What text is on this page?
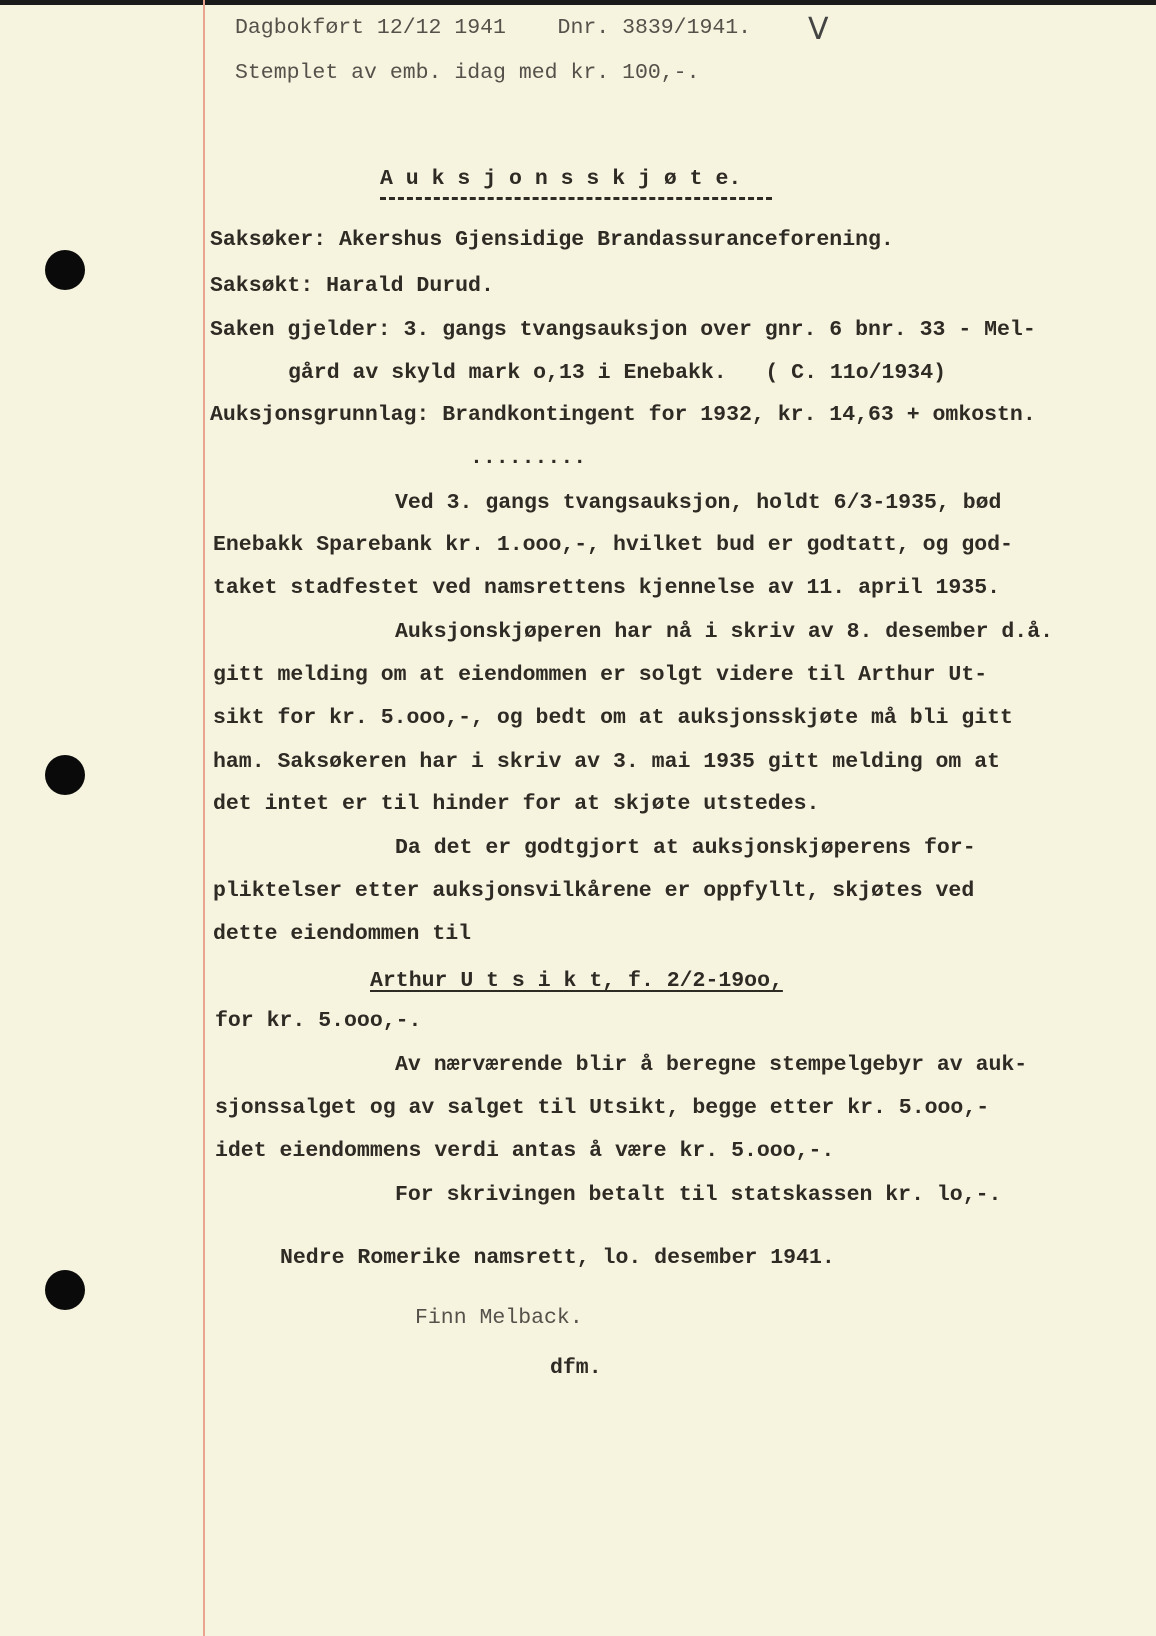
Dagbokført 12/12 1941    Dnr. 3839/1941. V
Stemplet av emb. idag med kr. 100,-.
A u k s j o n s s k j ø t e.
Saksøker: Akershus Gjensidige Brandassuranceforening.
Saksøkt: Harald Durud.
Saken gjelder: 3. gangs tvangsauksjon over gnr. 6 bnr. 33 - Mel-
gård av skyld mark o,13 i Enebakk.   ( C. 11o/1934)
Auksjonsgrunnlag: Brandkontingent for 1932, kr. 14,63 + omkostn.
.........
Ved 3. gangs tvangsauksjon, holdt 6/3-1935, bød
Enebakk Sparebank kr. 1.ooo,-, hvilket bud er godtatt, og god-
taket stadfestet ved namsrettens kjennelse av 11. april 1935.
Auksjonskjøperen har nå i skriv av 8. desember d.å.
gitt melding om at eiendommen er solgt videre til Arthur Ut-
sikt for kr. 5.ooo,-, og bedt om at auksjonsskjøte må bli gitt
ham. Saksøkeren har i skriv av 3. mai 1935 gitt melding om at
det intet er til hinder for at skjøte utstedes.
Da det er godtgjort at auksjonskjøperens for-
pliktelser etter auksjonsvilkårene er oppfyllt, skjøtes ved
dette eiendommen til
Arthur U t s i k t, f. 2/2-19oo,
for kr. 5.ooo,-.
Av nærværende blir å beregne stempelgebyr av auk-
sjonssalget og av salget til Utsikt, begge etter kr. 5.ooo,-
idet eiendommens verdi antas å være kr. 5.ooo,-.
For skrivingen betalt til statskassen kr. lo,-.
Nedre Romerike namsrett, lo. desember 1941.
Finn Melback.
dfm.
